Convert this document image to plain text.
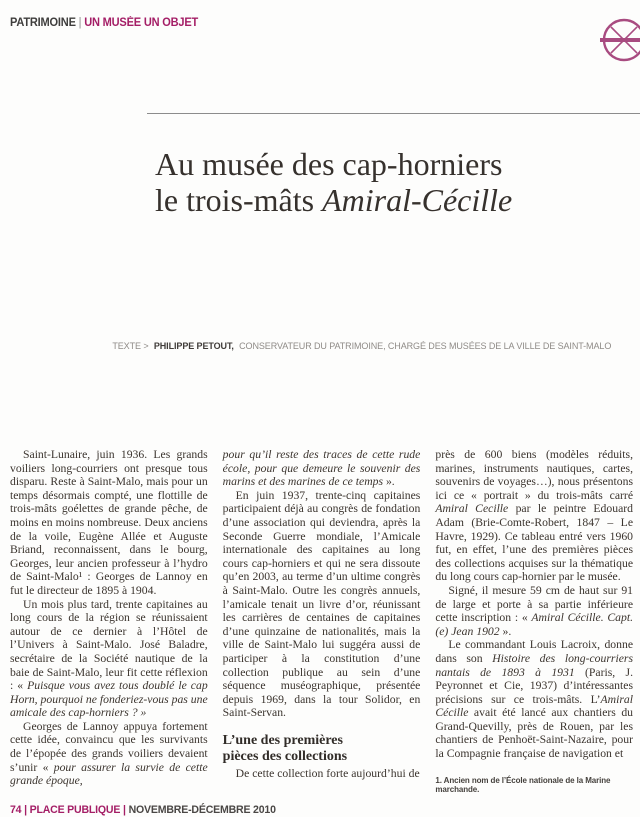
PATRIMOINE | UN MUSÉE UN OBJET
Au musée des cap-horniers
le trois-mâts Amiral-Cécille
TEXTE > PHILIPPE PETOUT, CONSERVATEUR DU PATRIMOINE, CHARGÉ DES MUSÉES DE LA VILLE DE SAINT-MALO

Saint-Lunaire, juin 1936. Les grands voiliers long-courriers ont presque tous disparu. Reste à Saint-Malo, mais pour un temps désormais compté, une flottille de trois-mâts goélettes de grande pêche, de moins en moins nombreuse. Deux anciens de la voile, Eugène Allée et Auguste Briand, reconnaissent, dans le bourg, Georges, leur ancien professeur à l’hydro de Saint-Malo¹ : Georges de Lannoy en fut le directeur de 1895 à 1904.

Un mois plus tard, trente capitaines au long cours de la région se réunissaient autour de ce dernier à l’Hôtel de l’Univers à Saint-Malo. José Baladre, secrétaire de la Société nautique de la baie de Saint-Malo, leur fit cette réflexion : « Puisque vous avez tous doublé le cap Horn, pourquoi ne fonderiez-vous pas une amicale des cap-horniers ? »

Georges de Lannoy appuya fortement cette idée, convaincu que les survivants de l’épopée des grands voiliers devaient s’unir « pour assurer la survie de cette grande époque,

pour qu’il reste des traces de cette rude école, pour que demeure le souvenir des marins et des marines de ce temps ».

En juin 1937, trente-cinq capitaines participaient déjà au congrès de fondation d’une association qui deviendra, après la Seconde Guerre mondiale, l’Amicale internationale des capitaines au long cours cap-horniers et qui ne sera dissoute qu’en 2003, au terme d’un ultime congrès à Saint-Malo. Outre les congrès annuels, l’amicale tenait un livre d’or, réunissant les carrières de centaines de capitaines d’une quinzaine de nationalités, mais la ville de Saint-Malo lui suggéra aussi de participer à la constitution d’une collection publique au sein d’une séquence muséographique, présentée depuis 1969, dans la tour Solidor, en Saint-Servan.

L’une des premières
pièces des collections

De cette collection forte aujourd’hui de

près de 600 biens (modèles réduits, marines, instruments nautiques, cartes, souvenirs de voyages…), nous présentons ici ce « portrait » du trois-mâts carré Amiral Cecille par le peintre Edouard Adam (Brie-Comte-Robert, 1847 – Le Havre, 1929). Ce tableau entré vers 1960 fut, en effet, l’une des premières pièces des collections acquises sur la thématique du long cours cap-hornier par le musée.

Signé, il mesure 59 cm de haut sur 91 de large et porte à sa partie inférieure cette inscription : « Amiral Cécille. Capt.(e) Jean 1902 ».

Le commandant Louis Lacroix, donne dans son Histoire des long-courriers nantais de 1893 à 1931 (Paris, J. Peyronnet et Cie, 1937) d’intéressantes précisions sur ce trois-mâts. L’Amiral Cécille avait été lancé aux chantiers du Grand-Quevilly, près de Rouen, par les chantiers de Penhoët-Saint-Nazaire, pour la Compagnie française de navigation et

1. Ancien nom de l’École nationale de la Marine marchande.
74 | PLACE PUBLIQUE | NOVEMBRE-DÉCEMBRE 2010
